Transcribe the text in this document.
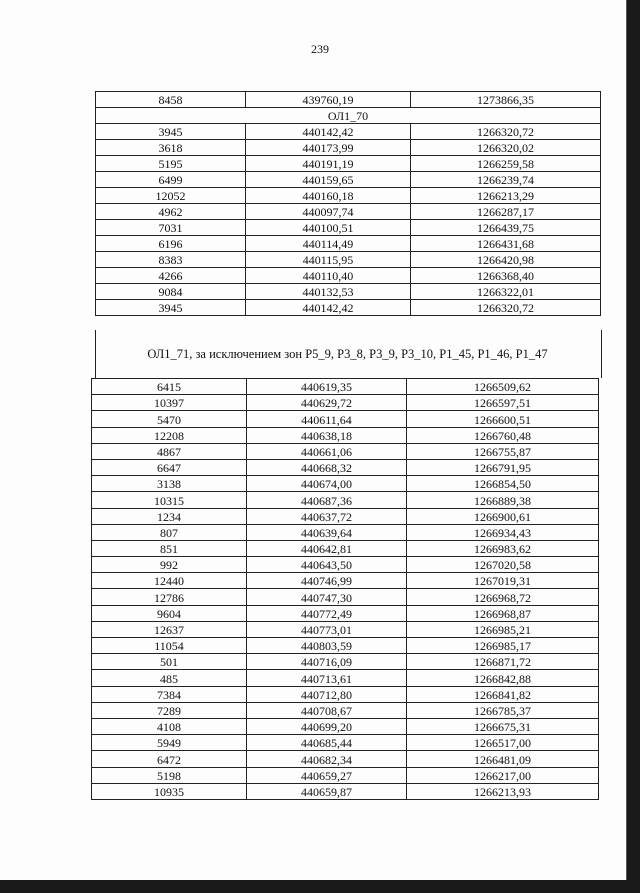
239
8458	439760,19	1273866,35
ОЛ1_70		
3945	440142,42	1266320,72
3618	440173,99	1266320,02
5195	440191,19	1266259,58
6499	440159,65	1266239,74
12052	440160,18	1266213,29
4962	440097,74	1266287,17
7031	440100,51	1266439,75
6196	440114,49	1266431,68
8383	440115,95	1266420,98
4266	440110,40	1266368,40
9084	440132,53	1266322,01
3945	440142,42	1266320,72
ОЛ1_71, за исключением зон Р5_9, Р3_8, Р3_9, Р3_10, Р1_45, Р1_46, Р1_47
6415	440619,35	1266509,62
10397	440629,72	1266597,51
5470	440611,64	1266600,51
12208	440638,18	1266760,48
4867	440661,06	1266755,87
6647	440668,32	1266791,95
3138	440674,00	1266854,50
10315	440687,36	1266889,38
1234	440637,72	1266900,61
807	440639,64	1266934,43
851	440642,81	1266983,62
992	440643,50	1267020,58
12440	440746,99	1267019,31
12786	440747,30	1266968,72
9604	440772,49	1266968,87
12637	440773,01	1266985,21
11054	440803,59	1266985,17
501	440716,09	1266871,72
485	440713,61	1266842,88
7384	440712,80	1266841,82
7289	440708,67	1266785,37
4108	440699,20	1266675,31
5949	440685,44	1266517,00
6472	440682,34	1266481,09
5198	440659,27	1266217,00
10935	440659,87	1266213,93
